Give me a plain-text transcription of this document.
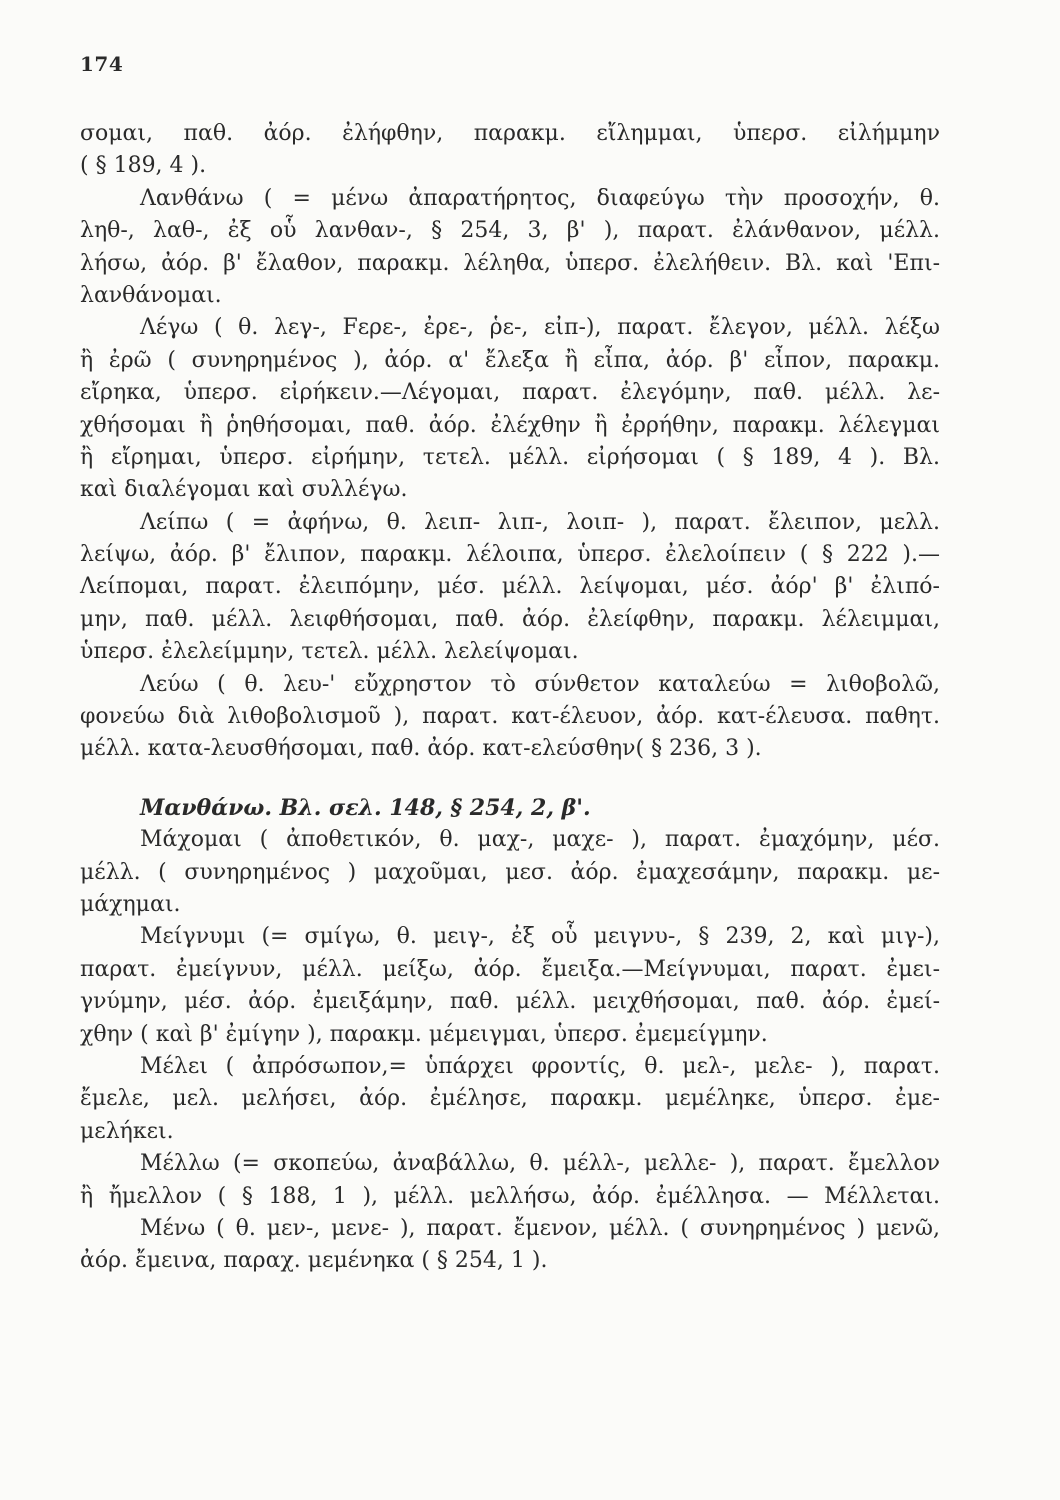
174
σομαι, παθ. ἀόρ. ἐλήφθην, παρακμ. εἴλημμαι, ὑπερσ. εἰλήμμην
( § 189, 4 ).
Λανθάνω ( = μένω ἀπαρατήρητος, διαφεύγω τὴν προσοχήν, θ.
ληθ-, λαθ-, ἐξ οὗ λανθαν-, § 254, 3, β' ), παρατ. ἐλάνθανον, μέλλ.
λήσω, ἀόρ. β' ἔλαθον, παρακμ. λέληθα, ὑπερσ. ἐλελήθειν. Βλ. καὶ 'Επι-
λανθάνομαι.
Λέγω ( θ. λεγ-, Fερε-, ἐρε-, ῥε-, εἰπ-), παρατ. ἔλεγον, μέλλ. λέξω
ἢ ἐρῶ ( συνηρημένος ), ἀόρ. α' ἔλεξα ἢ εἶπα, ἀόρ. β' εἶπον, παρακμ.
εἴρηκα, ὑπερσ. εἰρήκειν.—Λέγομαι, παρατ. ἐλεγόμην, παθ. μέλλ. λε-
χθήσομαι ἢ ῥηθήσομαι, παθ. ἀόρ. ἐλέχθην ἢ ἐρρήθην, παρακμ. λέλεγμαι
ἢ εἴρημαι, ὑπερσ. εἰρήμην, τετελ. μέλλ. εἰρήσομαι ( § 189, 4 ). Βλ.
καὶ διαλέγομαι καὶ συλλέγω.
Λείπω ( = ἀφήνω, θ. λειπ- λιπ-, λοιπ- ), παρατ. ἔλειπον, μελλ.
λείψω, ἀόρ. β' ἔλιπον, παρακμ. λέλοιπα, ὑπερσ. ἐλελοίπειν ( § 222 ).—
Λείπομαι, παρατ. ἐλειπόμην, μέσ. μέλλ. λείψομαι, μέσ. ἀόρ' β' ἐλιπό-
μην, παθ. μέλλ. λειφθήσομαι, παθ. ἀόρ. ἐλείφθην, παρακμ. λέλειμμαι,
ὑπερσ. ἐλελείμμην, τετελ. μέλλ. λελείψομαι.
Λεύω ( θ. λευ-' εὔχρηστον τὸ σύνθετον καταλεύω = λιθοβολῶ,
φονεύω διὰ λιθοβολισμοῦ ), παρατ. κατ-έλευον, ἀόρ. κατ-έλευσα. παθητ.
μέλλ. κατα-λευσθήσομαι, παθ. ἀόρ. κατ-ελεύσθην( § 236, 3 ).
Μανθάνω. Βλ. σελ. 148, § 254, 2, β'.
Μάχομαι ( ἀποθετικόν, θ. μαχ-, μαχε- ), παρατ. ἐμαχόμην, μέσ.
μέλλ. ( συνηρημένος ) μαχοῦμαι, μεσ. ἀόρ. ἐμαχεσάμην, παρακμ. με-
μάχημαι.
Μείγνυμι (= σμίγω, θ. μειγ-, ἐξ οὗ μειγνυ-, § 239, 2, καὶ μιγ-),
παρατ. ἐμείγνυν, μέλλ. μείξω, ἀόρ. ἔμειξα.—Μείγνυμαι, παρατ. ἐμει-
γνύμην, μέσ. ἀόρ. ἐμειξάμην, παθ. μέλλ. μειχθήσομαι, παθ. ἀόρ. ἐμεί-
χθην ( καὶ β' ἐμίγην ), παρακμ. μέμειγμαι, ὑπερσ. ἐμεμείγμην.
Μέλει ( ἀπρόσωπον,= ὑπάρχει φροντίς, θ. μελ-, μελε- ), παρατ.
ἔμελε, μελ. μελήσει, ἀόρ. ἐμέλησε, παρακμ. μεμέληκε, ὑπερσ. ἐμε-
μελήκει.
Μέλλω (= σκοπεύω, ἀναβάλλω, θ. μέλλ-, μελλε- ), παρατ. ἔμελλον
ἢ ἤμελλον ( § 188, 1 ), μέλλ. μελλήσω, ἀόρ. ἐμέλλησα. — Μέλλεται.
Μένω ( θ. μεν-, μενε- ), παρατ. ἔμενον, μέλλ. ( συνηρημένος ) μενῶ,
ἀόρ. ἔμεινα, παραχ. μεμένηκα ( § 254, 1 ).
